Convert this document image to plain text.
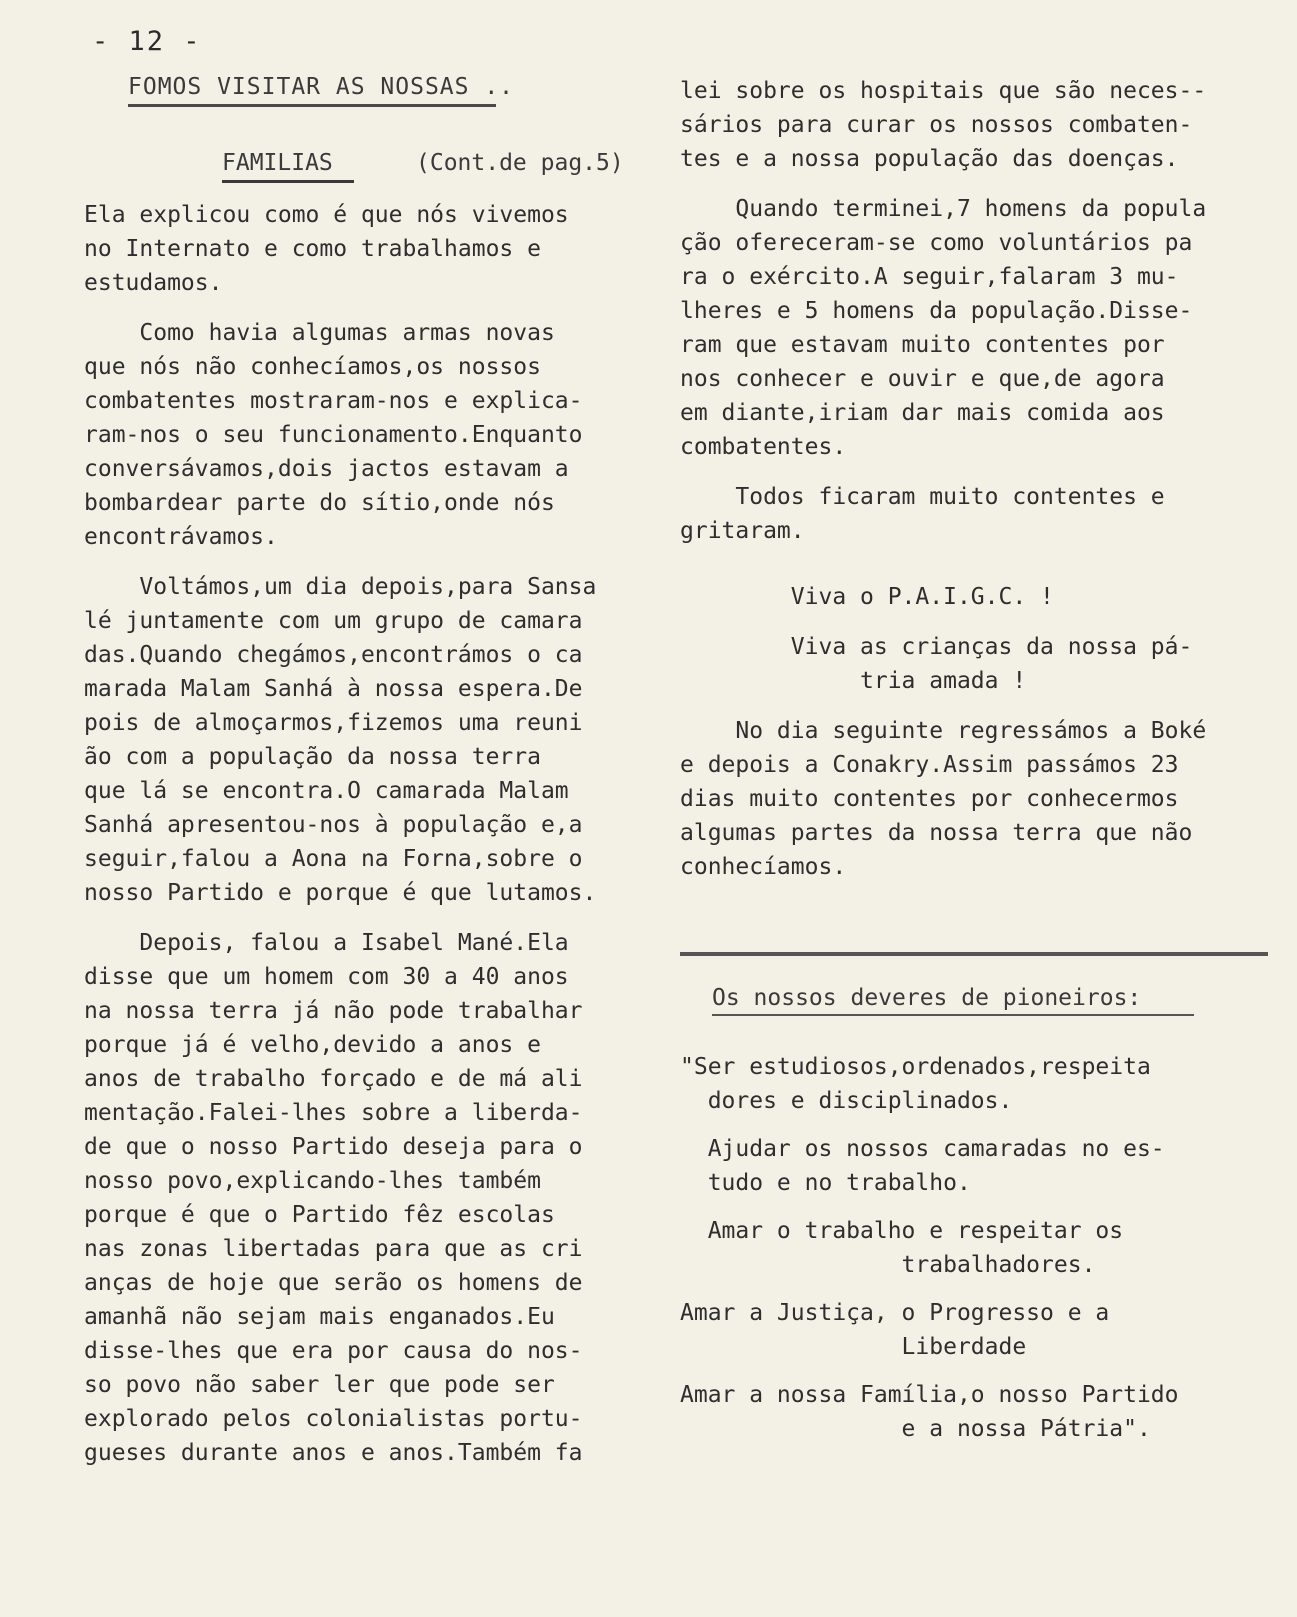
- 12 -
FOMOS VISITAR AS NOSSAS ..
FAMILIAS	(Cont.de pag.5)

Ela explicou como é que nós vivemos

no Internato e como trabalhamos e

estudamos.

Como havia algumas armas novas

que nós não conhecíamos,os nossos

combatentes mostraram-nos e explica-

ram-nos o seu funcionamento.Enquanto

conversávamos,dois jactos estavam a

bombardear parte do sítio,onde nós

encontrávamos.

Voltámos,um dia depois,para Sansa

lé juntamente com um grupo de camara

das.Quando chegámos,encontrámos o ca

marada Malam Sanhá à nossa espera.De

pois de almoçarmos,fizemos uma reuni

ão com a população da nossa terra

que lá se encontra.O camarada Malam

Sanhá apresentou-nos à população e,a

seguir,falou a Aona na Forna,sobre o

nosso Partido e porque é que lutamos.

Depois, falou a Isabel Mané.Ela

disse que um homem com 30 a 40 anos

na nossa terra já não pode trabalhar

porque já é velho,devido a anos e

anos de trabalho forçado e de má ali

mentação.Falei-lhes sobre a liberda-

de que o nosso Partido deseja para o

nosso povo,explicando-lhes também

porque é que o Partido fêz escolas

nas zonas libertadas para que as cri

anças de hoje que serão os homens de

amanhã não sejam mais enganados.Eu

disse-lhes que era por causa do nos-

so povo não saber ler que pode ser

explorado pelos colonialistas portu-

gueses durante anos e anos.Também fa

lei sobre os hospitais que são neces--

sários para curar os nossos combaten-

tes e a nossa população das doenças.

Quando terminei,7 homens da popula

ção ofereceram-se como voluntários pa

ra o exército.A seguir,falaram 3 mu-

lheres e 5 homens da população.Disse-

ram que estavam muito contentes por

nos conhecer e ouvir e que,de agora

em diante,iriam dar mais comida aos

combatentes.

Todos ficaram muito contentes e

gritaram.

Viva o P.A.I.G.C. !

Viva as crianças da nossa pá-

tria amada !

No dia seguinte regressámos a Boké

e depois a Conakry.Assim passámos 23

dias muito contentes por conhecermos

algumas partes da nossa terra que não

conhecíamos.

Os nossos deveres de pioneiros:

"Ser estudiosos,ordenados,respeita

dores e disciplinados.

Ajudar os nossos camaradas no es-

tudo e no trabalho.

Amar o trabalho e respeitar os

trabalhadores.

Amar a Justiça, o Progresso e a

Liberdade

Amar a nossa Família,o nosso Partido

e a nossa Pátria".
